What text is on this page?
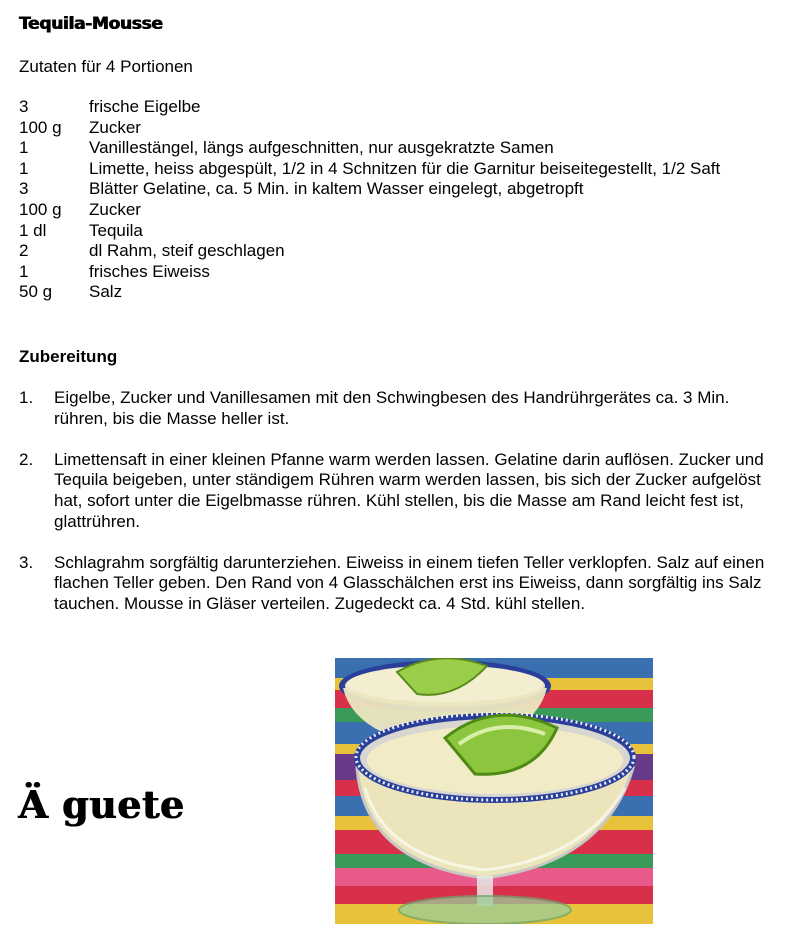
Tequila-Mousse
Zutaten für 4 Portionen
3	frische Eigelbe
100 g	Zucker
1	Vanillestängel, längs aufgeschnitten, nur ausgekratzte Samen
1	Limette, heiss abgespült, 1/2 in 4 Schnitzen für die Garnitur beiseitegestellt, 1/2 Saft
3	Blätter Gelatine, ca. 5 Min. in kaltem Wasser eingelegt, abgetropft
100 g	Zucker
1 dl	Tequila
2	dl Rahm, steif geschlagen
1	frisches Eiweiss
50 g	Salz
Zubereitung
1.	Eigelbe, Zucker und Vanillesamen mit den Schwingbesen des Handrührgerätes ca. 3 Min. rühren, bis die Masse heller ist.
2.	Limettensaft in einer kleinen Pfanne warm werden lassen. Gelatine darin auflösen. Zucker und Tequila beigeben, unter ständigem Rühren warm werden lassen, bis sich der Zucker aufgelöst hat, sofort unter die Eigelbmasse rühren. Kühl stellen, bis die Masse am Rand leicht fest ist, glattrühren.
3.	Schlagrahm sorgfältig darunterziehen. Eiweiss in einem tiefen Teller verklopfen. Salz auf einen flachen Teller geben. Den Rand von 4 Glasschälchen erst ins Eiweiss, dann sorgfältig ins Salz tauchen. Mousse in Gläser verteilen. Zugedeckt ca. 4 Std. kühl stellen.
Ä guete
